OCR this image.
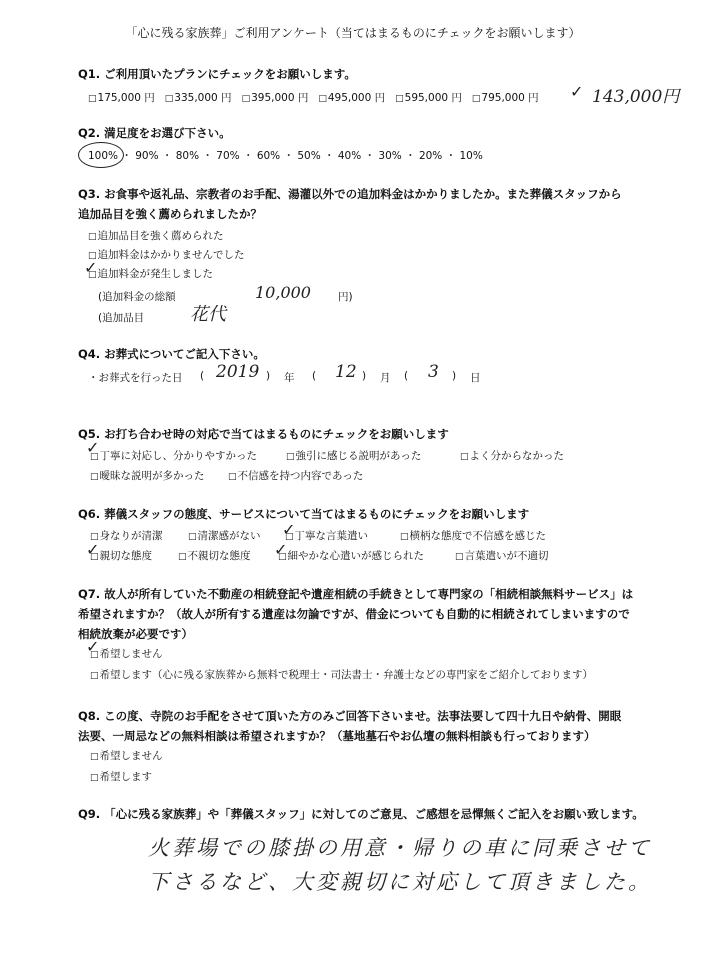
「心に残る家族葬」ご利用アンケート（当てはまるものにチェックをお願いします）
Q1. ご利用頂いたプランにチェックをお願いします。
□ 175,000 円	□ 335,000 円	□ 395,000 円	□ 495,000 円	□ 595,000 円	□ 795,000 円 ✓ 143,000円
Q2. 満足度をお選び下さい。
100% ・ 90% ・ 80% ・ 70% ・ 60% ・ 50% ・ 40% ・ 30% ・ 20% ・ 10%
Q3. お食事や返礼品、宗教者のお手配、湯灌以外での追加料金はかかりましたか。また葬儀スタッフから
追加品目を強く薦められましたか？
□ 追加品目を強く薦められた
□ 追加料金はかかりませんでした
□ 追加料金が発生しました
✓
(追加料金の総額	10,000	円)
(追加品目	花代
Q4. お葬式についてご記入下さい。
・お葬式を行った日 ( 2019 ) 年 ( 12 ) 月 ( 3 ) 日
Q5. お打ち合わせ時の対応で当てはまるものにチェックをお願いします
□ 丁寧に対応し、分かりやすかった	□ 強引に感じる説明があった	□ よく分からなかった
□ 曖昧な説明が多かった	□ 不信感を持つ内容であった
✓
Q6. 葬儀スタッフの態度、サービスについて当てはまるものにチェックをお願いします
□ 身なりが清潔	□ 清潔感がない	□ 丁寧な言葉遣い	□ 横柄な態度で不信感を感じた
□ 親切な態度	□ 不親切な態度	□ 細やかな心遣いが感じられた	□ 言葉遣いが不適切
✓
✓	✓
Q7. 故人が所有していた不動産の相続登記や遺産相続の手続きとして専門家の「相続相談無料サービス」は
希望されますか？（故人が所有する遺産は勿論ですが、借金についても自動的に相続されてしまいますので
相続放棄が必要です）
□ 希望しません
□ 希望します（心に残る家族葬から無料で税理士・司法書士・弁護士などの専門家をご紹介しております）
✓
Q8. この度、寺院のお手配をさせて頂いた方のみご回答下さいませ。法事法要して四十九日や納骨、開眼
法要、一周忌などの無料相談は希望されますか？（墓地墓石やお仏壇の無料相談も行っております）
□ 希望しません
□ 希望します
Q9. 「心に残る家族葬」や「葬儀スタッフ」に対してのご意見、ご感想を忌憚無くご記入をお願い致します。
火葬場での膝掛の用意・帰りの車に同乗させて
下さるなど、大変親切に対応して頂きました。
